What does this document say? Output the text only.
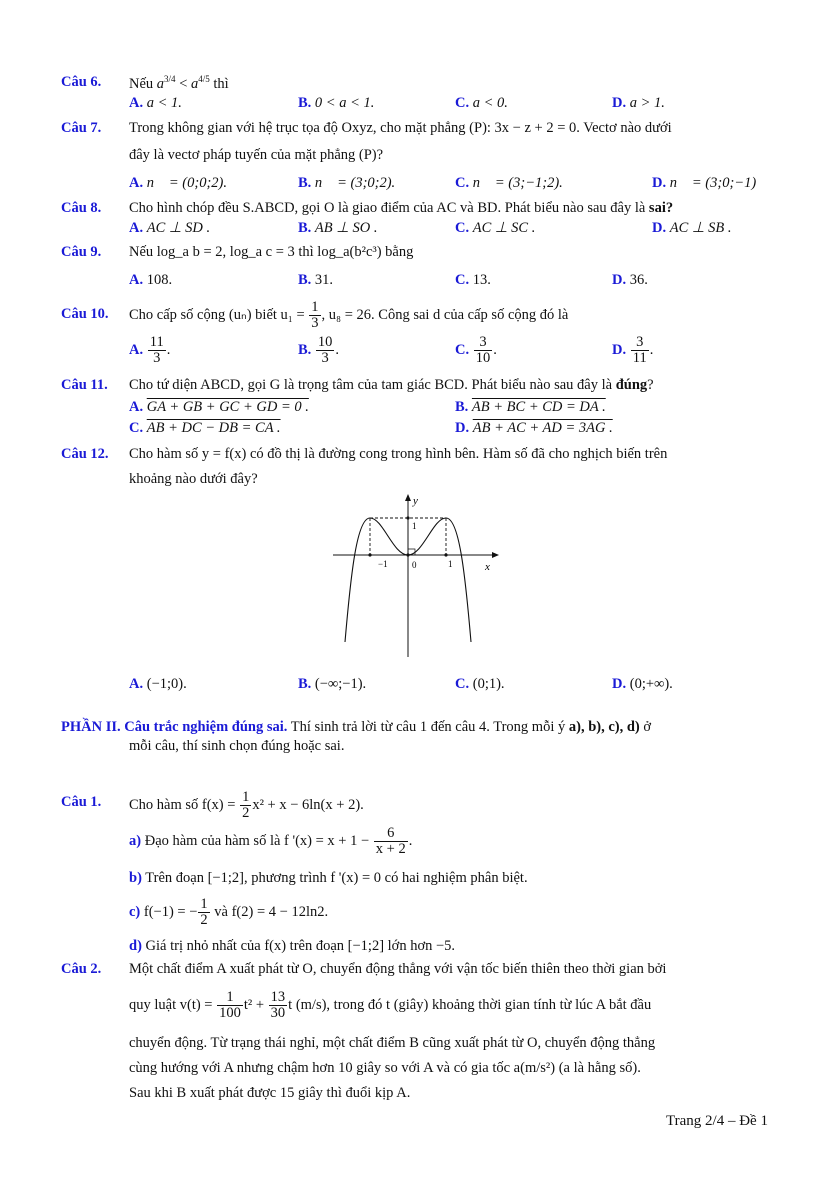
Câu 6. Nếu $a^{3/4} < a^{4/5}$ thì
A. a < 1.	B. 0 < a < 1.	C. a < 0.	D. a > 1.
Câu 7. Trong không gian với hệ trục tọa độ Oxyz, cho mặt phẳng (P): 3x − z + 2 = 0. Vectơ nào dưới
đây là vectơ pháp tuyến của mặt phẳng (P)?
A. n⃗ = (0;0;2).	B. n⃗ = (3;0;2).	C. n⃗ = (3;−1;2).	D. n⃗ = (3;0;−1)
Câu 8. Cho hình chóp đều S.ABCD, gọi O là giao điểm của AC và BD. Phát biểu nào sau đây là sai?
A. AC ⊥ SD .	B. AB ⊥ SO .	C. AC ⊥ SC .	D. AC ⊥ SB .
Câu 9. Nếu log_a b = 2, log_a c = 3 thì log_a(b²c³) bằng
A. 108.	B. 31.	C. 13.	D. 36.
Câu 10. Cho cấp số cộng (uₙ) biết $u_1 = \frac{1}{3}$ , u₈ = 26. Công sai d của cấp số cộng đó là
A. $\frac{11}{3}$ .	B. $\frac{10}{3}$ .	C. $\frac{3}{10}$ .	D. $\frac{3}{11}$ .
Câu 11. Cho tứ diện ABCD, gọi G là trọng tâm của tam giác BCD. Phát biểu nào sau đây là đúng?
A. GA + GB + GC + GD = 0 .	B. AB + BC + CD = DA .
C. AB + DC − DB = CA .	D. AB + AC + AD = 3AG .
Câu 12. Cho hàm số y = f(x) có đồ thị là đường cong trong hình bên. Hàm số đã cho nghịch biến trên
khoảng nào dưới đây?
y
x
−1	0	1
1
A. (−1;0).	B. (−∞;−1).	C. (0;1).	D. (0;+∞).
PHẦN II. Câu trắc nghiệm đúng sai. Thí sinh trả lời từ câu 1 đến câu 4. Trong mỗi ý a), b), c), d) ở
mỗi câu, thí sinh chọn đúng hoặc sai.
Câu 1. Cho hàm số $f(x) = \frac{1}{2} x^2 + x - 6\ln(x + 2)$.
a) Đạo hàm của hàm số là f '$(x) = x + 1 - \frac{6}{x + 2}$ .
b) Trên đoạn [−1;2], phương trình f '(x) = 0 có hai nghiệm phân biệt.
c) f(−1) = − $\frac{1}{2}$ và f(2) = 4 − 12ln2.
d) Giá trị nhỏ nhất của f(x) trên đoạn [−1;2] lớn hơn −5.
Câu 2. Một chất điểm A xuất phát từ O, chuyển động thẳng với vận tốc biến thiên theo thời gian bởi
quy luật $v(t) = \frac{1}{100} t^2 + \frac{13}{30}$ t (m/s), trong đó t (giây) khoảng thời gian tính từ lúc A bắt đầu
chuyển động. Từ trạng thái nghỉ, một chất điểm B cũng xuất phát từ O, chuyển động thẳng
cùng hướng với A nhưng chậm hơn 10 giây so với A và có gia tốc a(m/s²) (a là hằng số).
Sau khi B xuất phát được 15 giây thì đuổi kịp A.
Trang 2/4 – Đề 1
